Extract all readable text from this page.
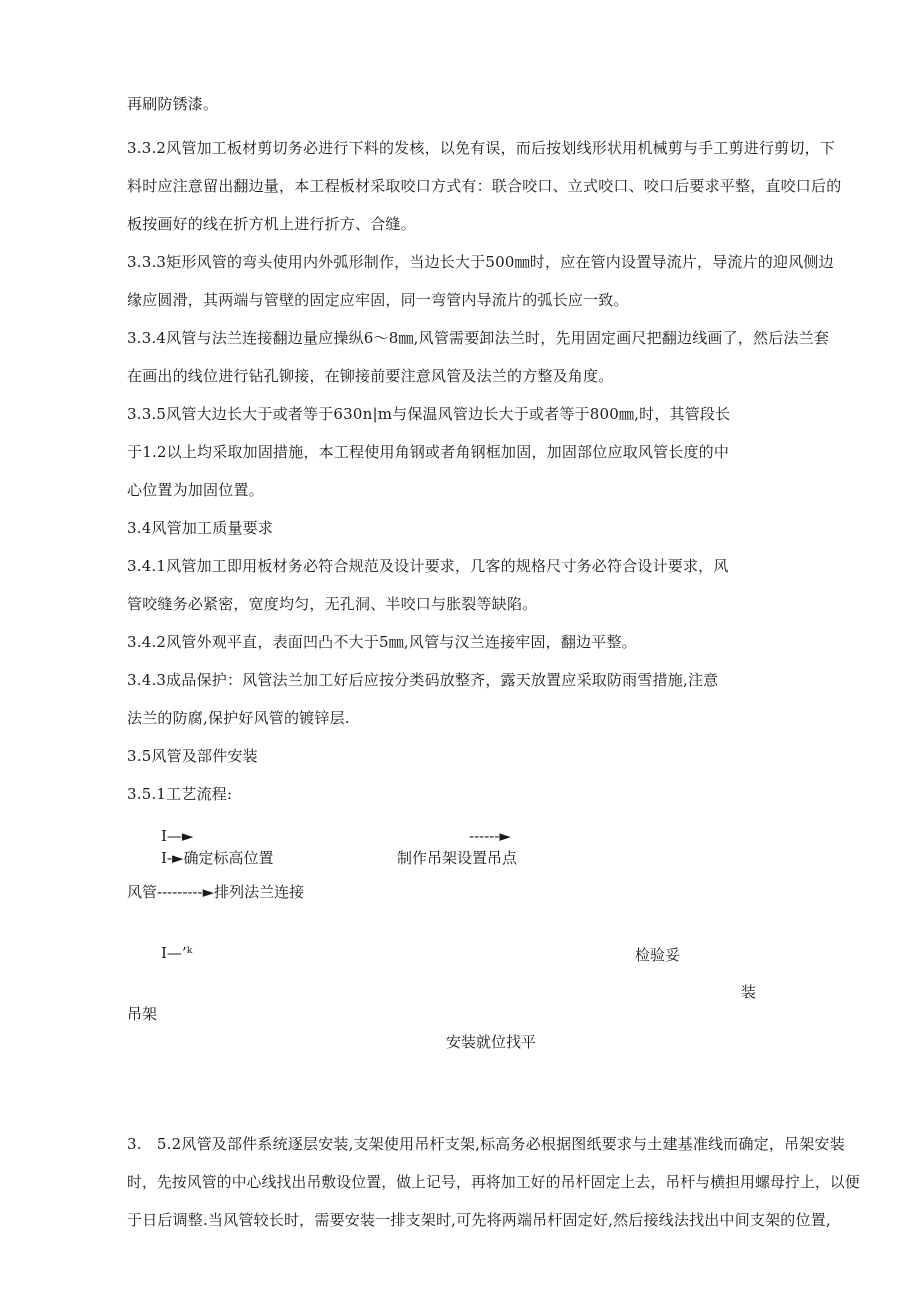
再刷防锈漆。
3.3.2风管加工板材剪切务必进行下料的发核，以免有误，而后按划线形状用机械剪与手工剪进行剪切，下
料时应注意留出翻边量，本工程板材采取咬口方式有：联合咬口、立式咬口、咬口后要求平整，直咬口后的
板按画好的线在折方机上进行折方、合缝。
3.3.3矩形风管的弯头使用内外弧形制作，当边长大于500㎜时，应在管内设置导流片，导流片的迎风侧边
缘应圆滑，其两端与管壁的固定应牢固，同一弯管内导流片的弧长应一致。
3.3.4风管与法兰连接翻边量应操纵6～8㎜,风管需要卸法兰时，先用固定画尺把翻边线画了，然后法兰套
在画出的线位进行钻孔铆接，在铆接前要注意风管及法兰的方整及角度。
3.3.5风管大边长大于或者等于630n|m与保温风管边长大于或者等于800㎜,时，其管段长
于1.2以上均采取加固措施，本工程使用角钢或者角钢框加固，加固部位应取风管长度的中
心位置为加固位置。
3.4风管加工质量要求
3.4.1风管加工即用板材务必符合规范及设计要求，几客的规格尺寸务必符合设计要求，风
管咬缝务必紧密，宽度均匀，无孔洞、半咬口与胀裂等缺陷。
3.4.2风管外观平直，表面凹凸不大于5㎜,风管与汉兰连接牢固，翻边平整。
3.4.3成品保护：风管法兰加工好后应按分类码放整齐，露天放置应采取防雨雪措施,注意
法兰的防腐,保护好风管的镀锌层.
3.5风管及部件安装
3.5.1工艺流程:
I—►	------►
I-►确定标高位置	制作吊架设置吊点
风管---------►排列法兰连接
I—’ᵏ	检验妥
装
吊架
安装就位找平
3.　5.2风管及部件系统逐层安装,支架使用吊杆支架,标高务必根据图纸要求与土建基准线而确定，吊架安装
时，先按风管的中心线找出吊敷设位置，做上记号，再将加工好的吊杆固定上去，吊杆与横担用螺母拧上，以便
于日后调整.当风管较长时，需要安装一排支架时,可先将两端吊杆固定好,然后接线法找出中间支架的位置,
